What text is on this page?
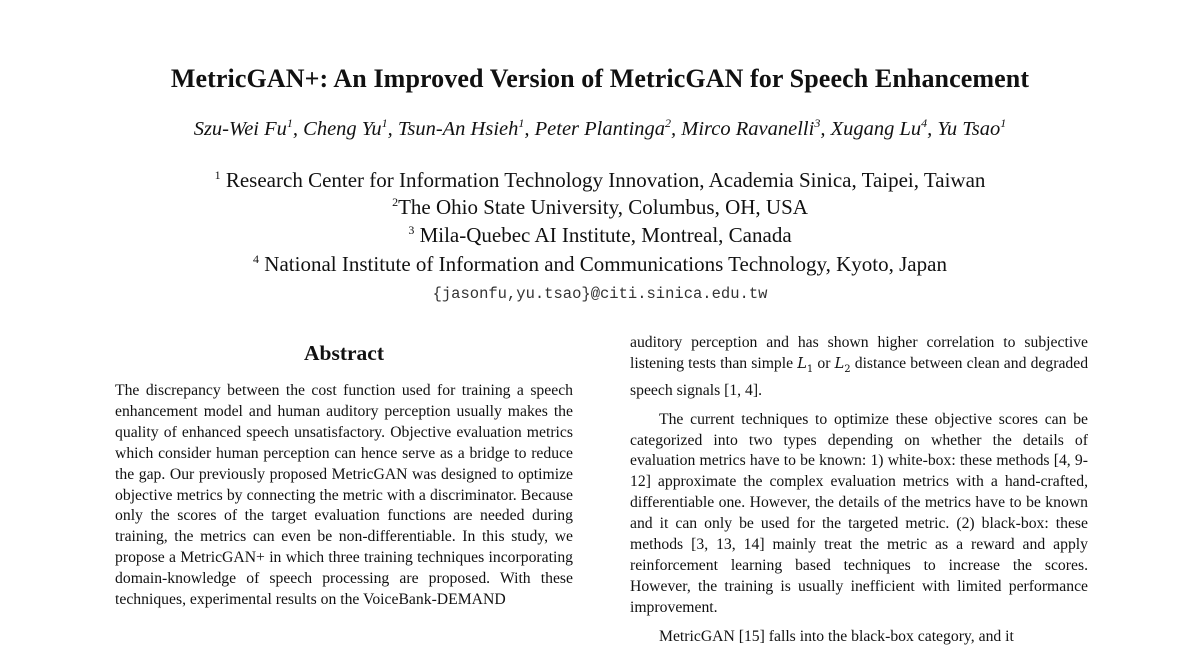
MetricGAN+: An Improved Version of MetricGAN for Speech Enhancement
Szu-Wei Fu$^1$, Cheng Yu$^1$, Tsun-An Hsieh$^1$, Peter Plantinga$^2$, Mirco Ravanelli$^3$, Xugang Lu$^4$, Yu Tsao$^1$
$^1$ Research Center for Information Technology Innovation, Academia Sinica, Taipei, Taiwan
$^2$The Ohio State University, Columbus, OH, USA
$^3$ Mila-Quebec AI Institute, Montreal, Canada
$^4$ National Institute of Information and Communications Technology, Kyoto, Japan
{jasonfu,yu.tsao}@citi.sinica.edu.tw
Abstract

The discrepancy between the cost function used for training a speech enhancement model and human auditory perception usually makes the quality of enhanced speech unsatisfactory. Objective evaluation metrics which consider human perception can hence serve as a bridge to reduce the gap. Our previously proposed MetricGAN was designed to optimize objective metrics by connecting the metric with a discriminator. Because only the scores of the target evaluation functions are needed during training, the metrics can even be non-differentiable. In this study, we propose a MetricGAN+ in which three training techniques incorporating domain-knowledge of speech processing are proposed. With these techniques, experimental results on the VoiceBank-DEMAND

auditory perception and has shown higher correlation to subjective listening tests than simple $L_1$ or $L_2$ distance between clean and degraded speech signals [1, 4].

The current techniques to optimize these objective scores can be categorized into two types depending on whether the details of evaluation metrics have to be known: 1) white-box: these methods [4, 9-12] approximate the complex evaluation metrics with a hand-crafted, differentiable one. However, the details of the metrics have to be known and it can only be used for the targeted metric. (2) black-box: these methods [3, 13, 14] mainly treat the metric as a reward and apply reinforcement learning based techniques to increase the scores. However, the training is usually inefficient with limited performance improvement.

MetricGAN [15] falls into the black-box category, and it
